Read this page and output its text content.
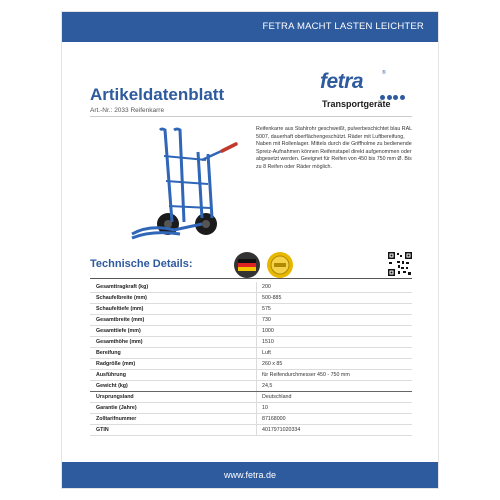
FETRA MACHT LASTEN LEICHTER
Artikeldatenblatt
Art.-Nr.: 2033 Reifenkarre
fetra	®
Transportgeräte
Reifenkarre aus Stahlrohr geschweißt, pulverbeschichtet blau RAL 5007, dauerhaft oberflächengeschützt. Räder mit Luftbereifung, Naben mit Rollenlager. Mittels durch die Griffholme zu bedienende Spreiz-Aufnahmen können Reifenstapel direkt aufgenommen oder abgesetzt werden. Geeignet für Reifen von 450 bis 750 mm Ø. Bis zu 8 Reifen oder Räder möglich.
Technische Details:
Gesamttragkraft (kg)	200
Schaufelbreite (mm)	500-885
Schaufeltiefe (mm)	575
Gesamtbreite (mm)	730
Gesamttiefe (mm)	1000
Gesamthöhe (mm)	1510
Bereifung	Luft
Radgröße (mm)	260 x 85
Ausführung	für Reifendurchmesser 450 - 750 mm
Gewicht (kg)	24,5
Ursprungsland	Deutschland
Garantie (Jahre)	10
Zolltarifnummer	87168000
GTIN	4017971020334
www.fetra.de
